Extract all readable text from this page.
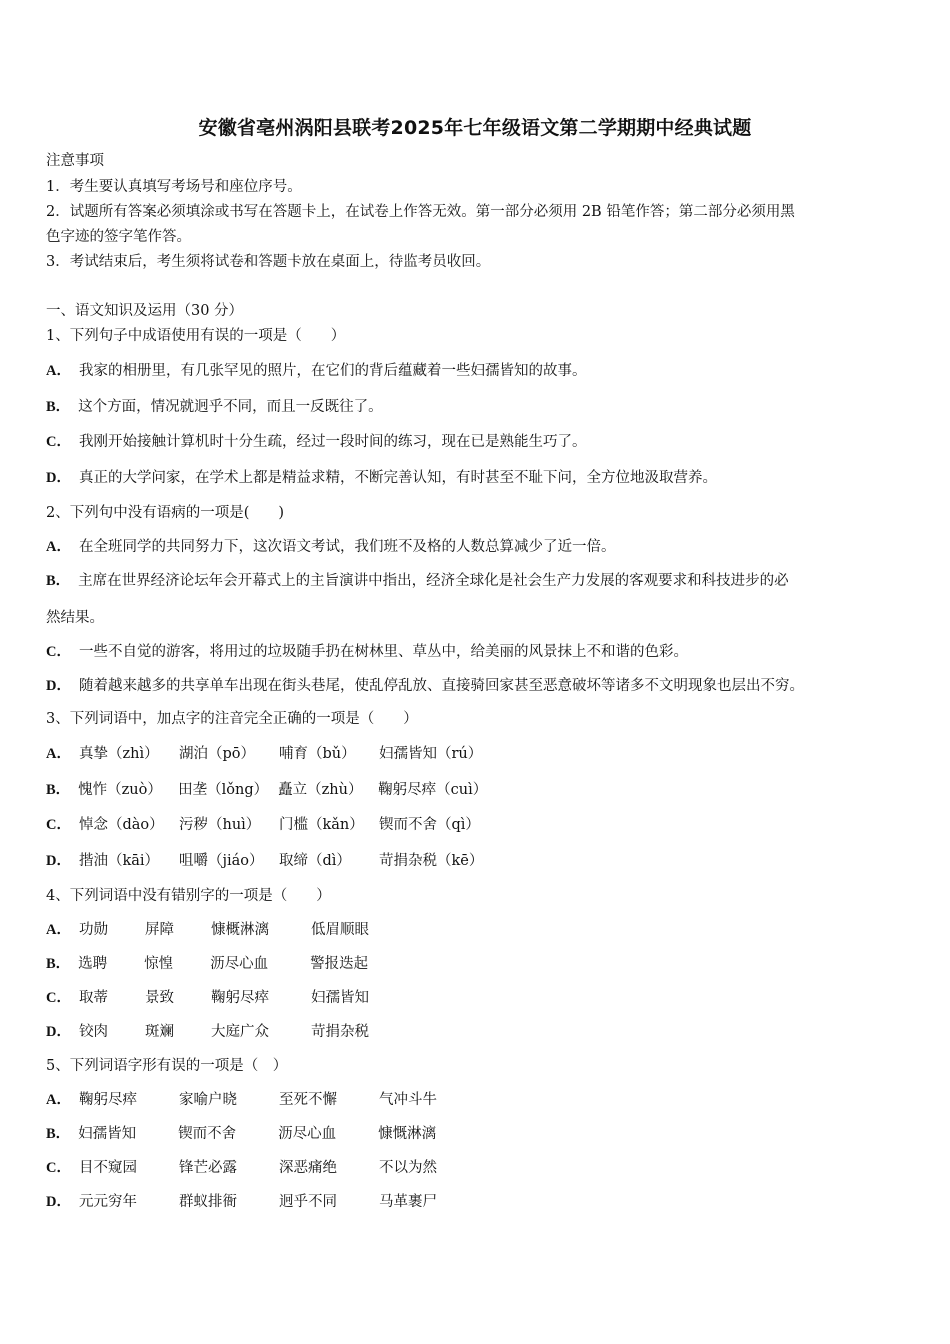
安徽省亳州涡阳县联考2025年七年级语文第二学期期中经典试题
注意事项
1．考生要认真填写考场号和座位序号。
2．试题所有答案必须填涂或书写在答题卡上，在试卷上作答无效。第一部分必须用 2B 铅笔作答；第二部分必须用黑
色字迹的签字笔作答。
3．考试结束后，考生须将试卷和答题卡放在桌面上，待监考员收回。
一、语文知识及运用（30 分）
1、下列句子中成语使用有误的一项是（　　）
A． 我家的相册里，有几张罕见的照片，在它们的背后蕴藏着一些妇孺皆知的故事。
B． 这个方面，情况就迥乎不同，而且一反既往了。
C． 我刚开始接触计算机时十分生疏，经过一段时间的练习，现在已是熟能生巧了。
D． 真正的大学问家，在学术上都是精益求精，不断完善认知，有时甚至不耻下问，全方位地汲取营养。
2、下列句中没有语病的一项是(　　)
A． 在全班同学的共同努力下，这次语文考试，我们班不及格的人数总算减少了近一倍。
B． 主席在世界经济论坛年会开幕式上的主旨演讲中指出，经济全球化是社会生产力发展的客观要求和科技进步的必
然结果。
C． 一些不自觉的游客，将用过的垃圾随手扔在树林里、草丛中，给美丽的风景抹上不和谐的色彩。
D． 随着越来越多的共享单车出现在街头巷尾，使乱停乱放、直接骑回家甚至恶意破坏等诸多不文明现象也层出不穷。
3、下列词语中，加点字的注音完全正确的一项是（　　）
A． 真挚（zhì） 湖泊（pō） 哺育（bǔ） 妇孺皆知（rú）
B． 愧怍（zuò） 田垄（lǒng） 矗立（zhù） 鞠躬尽瘁（cuì）
C． 悼念（dào） 污秽（huì） 门槛（kǎn） 锲而不舍（qì）
D． 揩油（kāi） 咀嚼（jiáo） 取缔（dì） 苛捐杂税（kē）
4、下列词语中没有错别字的一项是（　　）
A． 功勋	屏障	慷概淋漓	低眉顺眼
B． 选聘	惊惶	沥尽心血	警报迭起
C． 取蒂	景致	鞠躬尽瘁	妇孺皆知
D． 铰肉	斑斓	大庭广众	苛捐杂税
5、下列词语字形有误的一项是（　）
A． 鞠躬尽瘁	家喻户晓	至死不懈	气冲斗牛
B． 妇孺皆知	锲而不舍	沥尽心血	慷慨淋漓
C． 目不窥园	锋芒必露	深恶痛绝	不以为然
D． 元元穷年	群蚁排衙	迥乎不同	马革裹尸
